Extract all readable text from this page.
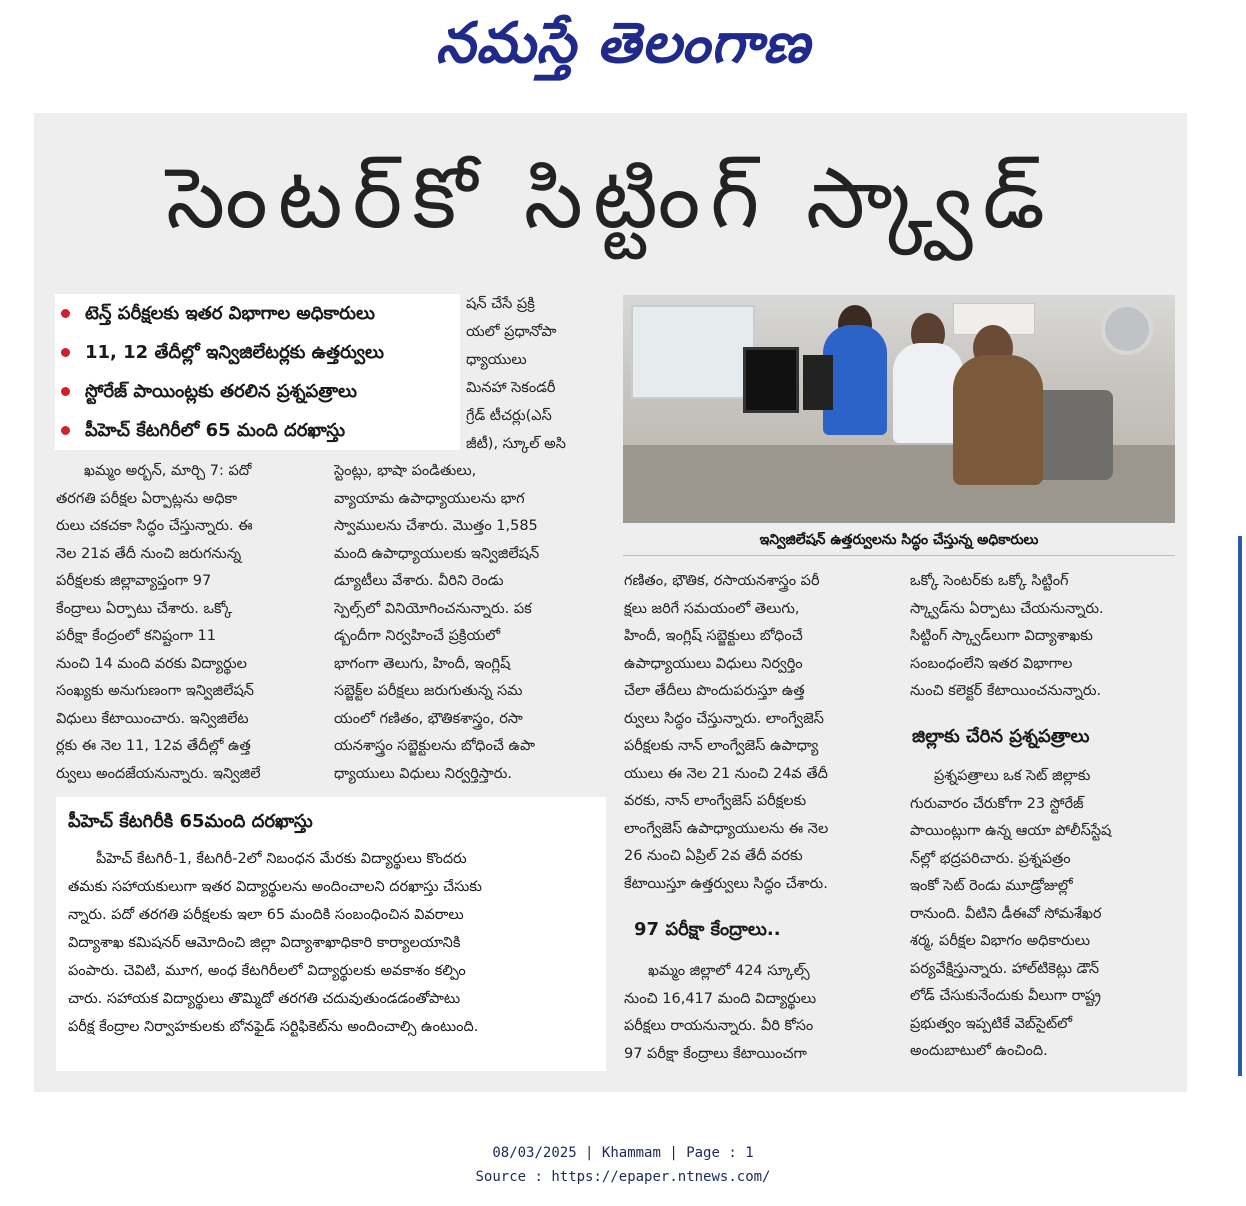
నమస్తే తెలంగాణ
సెంటర్‌కో సిట్టింగ్ స్క్వాడ్
టెన్త్ పరీక్షలకు ఇతర విభాగాల అధికారులు
11, 12 తేదీల్లో ఇన్విజిలేటర్లకు ఉత్తర్వులు
స్టోరేజ్ పాయింట్లకు తరలిన ప్రశ్నపత్రాలు
పీహెచ్ కేటగిరీలో 65 మంది దరఖాస్తు

షన్ చేసే ప్రక్రి

యలో ప్రధానోపా

ధ్యాయులు

మినహా సెకండరీ

గ్రేడ్ టీచర్లు(ఎస్

జీటీ), స్కూల్ అసి

ఇన్విజిలేషన్ ఉత్తర్వులను సిద్ధం చేస్తున్న అధికారులు

ఖమ్మం అర్బన్, మార్చి 7: పదో

తరగతి పరీక్షల ఏర్పాట్లను అధికా

రులు చకచకా సిద్ధం చేస్తున్నారు. ఈ

నెల 21వ తేదీ నుంచి జరుగనున్న

పరీక్షలకు జిల్లావ్యాప్తంగా 97

కేంద్రాలు ఏర్పాటు చేశారు. ఒక్కో

పరీక్షా కేంద్రంలో కనిష్టంగా 11

నుంచి 14 మంది వరకు విద్యార్థుల

సంఖ్యకు అనుగుణంగా ఇన్విజిలేషన్

విధులు కేటాయించారు. ఇన్విజిలేట

ర్లకు ఈ నెల 11, 12వ తేదీల్లో ఉత్త

ర్వులు అందజేయనున్నారు. ఇన్విజిలే

స్టెంట్లు, భాషా పండితులు,

వ్యాయామ ఉపాధ్యాయులను భాగ

స్వాములను చేశారు. మొత్తం 1,585

మంది ఉపాధ్యాయులకు ఇన్విజిలేషన్

డ్యూటీలు వేశారు. వీరిని రెండు

స్పెల్స్‌లో వినియోగించనున్నారు. పక

డ్బందీగా నిర్వహించే ప్రక్రియలో

భాగంగా తెలుగు, హిందీ, ఇంగ్లిష్

సబ్జెక్ట్‌ల పరీక్షలు జరుగుతున్న సమ

యంలో గణితం, భౌతికశాస్త్రం, రసా

యనశాస్త్రం సబ్జెక్టులను బోధించే ఉపా

ధ్యాయులు విధులు నిర్వర్తిస్తారు.

గణితం, భౌతిక, రసాయనశాస్త్రం పరీ

క్షలు జరిగే సమయంలో తెలుగు,

హిందీ, ఇంగ్లిష్ సబ్జెక్టులు బోధించే

ఉపాధ్యాయులు విధులు నిర్వర్తిం

చేలా తేదీలు పొందుపరుస్తూ ఉత్త

ర్వులు సిద్ధం చేస్తున్నారు. లాంగ్వేజెస్

పరీక్షలకు నాన్ లాంగ్వేజెస్ ఉపాధ్యా

యులు ఈ నెల 21 నుంచి 24వ తేదీ

వరకు, నాన్ లాంగ్వేజెస్ పరీక్షలకు

లాంగ్వేజెస్ ఉపాధ్యాయులను ఈ నెల

26 నుంచి ఏప్రిల్ 2వ తేదీ వరకు

కేటాయిస్తూ ఉత్తర్వులు సిద్ధం చేశారు.

97 పరీక్షా కేంద్రాలు..

ఖమ్మం జిల్లాలో 424 స్కూల్స్

నుంచి 16,417 మంది విద్యార్థులు

పరీక్షలు రాయనున్నారు. వీరి కోసం

97 పరీక్షా కేంద్రాలు కేటాయించగా

ఒక్కో సెంటర్‌కు ఒక్కో సిట్టింగ్

స్క్వాడ్‌ను ఏర్పాటు చేయనున్నారు.

సిట్టింగ్ స్క్వాడ్‌లుగా విద్యాశాఖకు

సంబంధంలేని ఇతర విభాగాల

నుంచి కలెక్టర్ కేటాయించనున్నారు.

జిల్లాకు చేరిన ప్రశ్నపత్రాలు

ప్రశ్నపత్రాలు ఒక సెట్ జిల్లాకు

గురువారం చేరుకోగా 23 స్టోరేజ్

పాయింట్లుగా ఉన్న ఆయా పోలీస్‌స్టేష

న్‌ల్లో భద్రపరిచారు. ప్రశ్నపత్రం

ఇంకో సెట్ రెండు మూడ్రోజుల్లో

రానుంది. వీటిని డీఈవో సోమశేఖర

శర్మ, పరీక్షల విభాగం అధికారులు

పర్యవేక్షిస్తున్నారు. హాల్‌టికెట్లు డౌన్

లోడ్ చేసుకునేందుకు వీలుగా రాష్ట్ర

ప్రభుత్వం ఇప్పటికే వెబ్‌సైట్‌లో

అందుబాటులో ఉంచింది.

పీహెచ్ కేటగిరీకి 65మంది దరఖాస్తు

పీహెచ్ కేటగిరీ-1, కేటగిరీ-2లో నిబంధన మేరకు విద్యార్థులు కొందరు

తమకు సహాయకులుగా ఇతర విద్యార్థులను అందించాలని దరఖాస్తు చేసుకు

న్నారు. పదో తరగతి పరీక్షలకు ఇలా 65 మందికి సంబంధించిన వివరాలు

విద్యాశాఖ కమిషనర్ ఆమోదించి జిల్లా విద్యాశాఖాధికారి కార్యాలయానికి

పంపారు. చెవిటి, మూగ, అంధ కేటగిరీలలో విద్యార్థులకు అవకాశం కల్పిం

చారు. సహాయక విద్యార్థులు తొమ్మిదో తరగతి చదువుతుండడంతోపాటు

పరీక్ష కేంద్రాల నిర్వాహకులకు బోనఫైడ్ సర్టిఫికెట్‌ను అందించాల్సి ఉంటుంది.

08/03/2025 | Khammam | Page : 1
Source : https://epaper.ntnews.com/
